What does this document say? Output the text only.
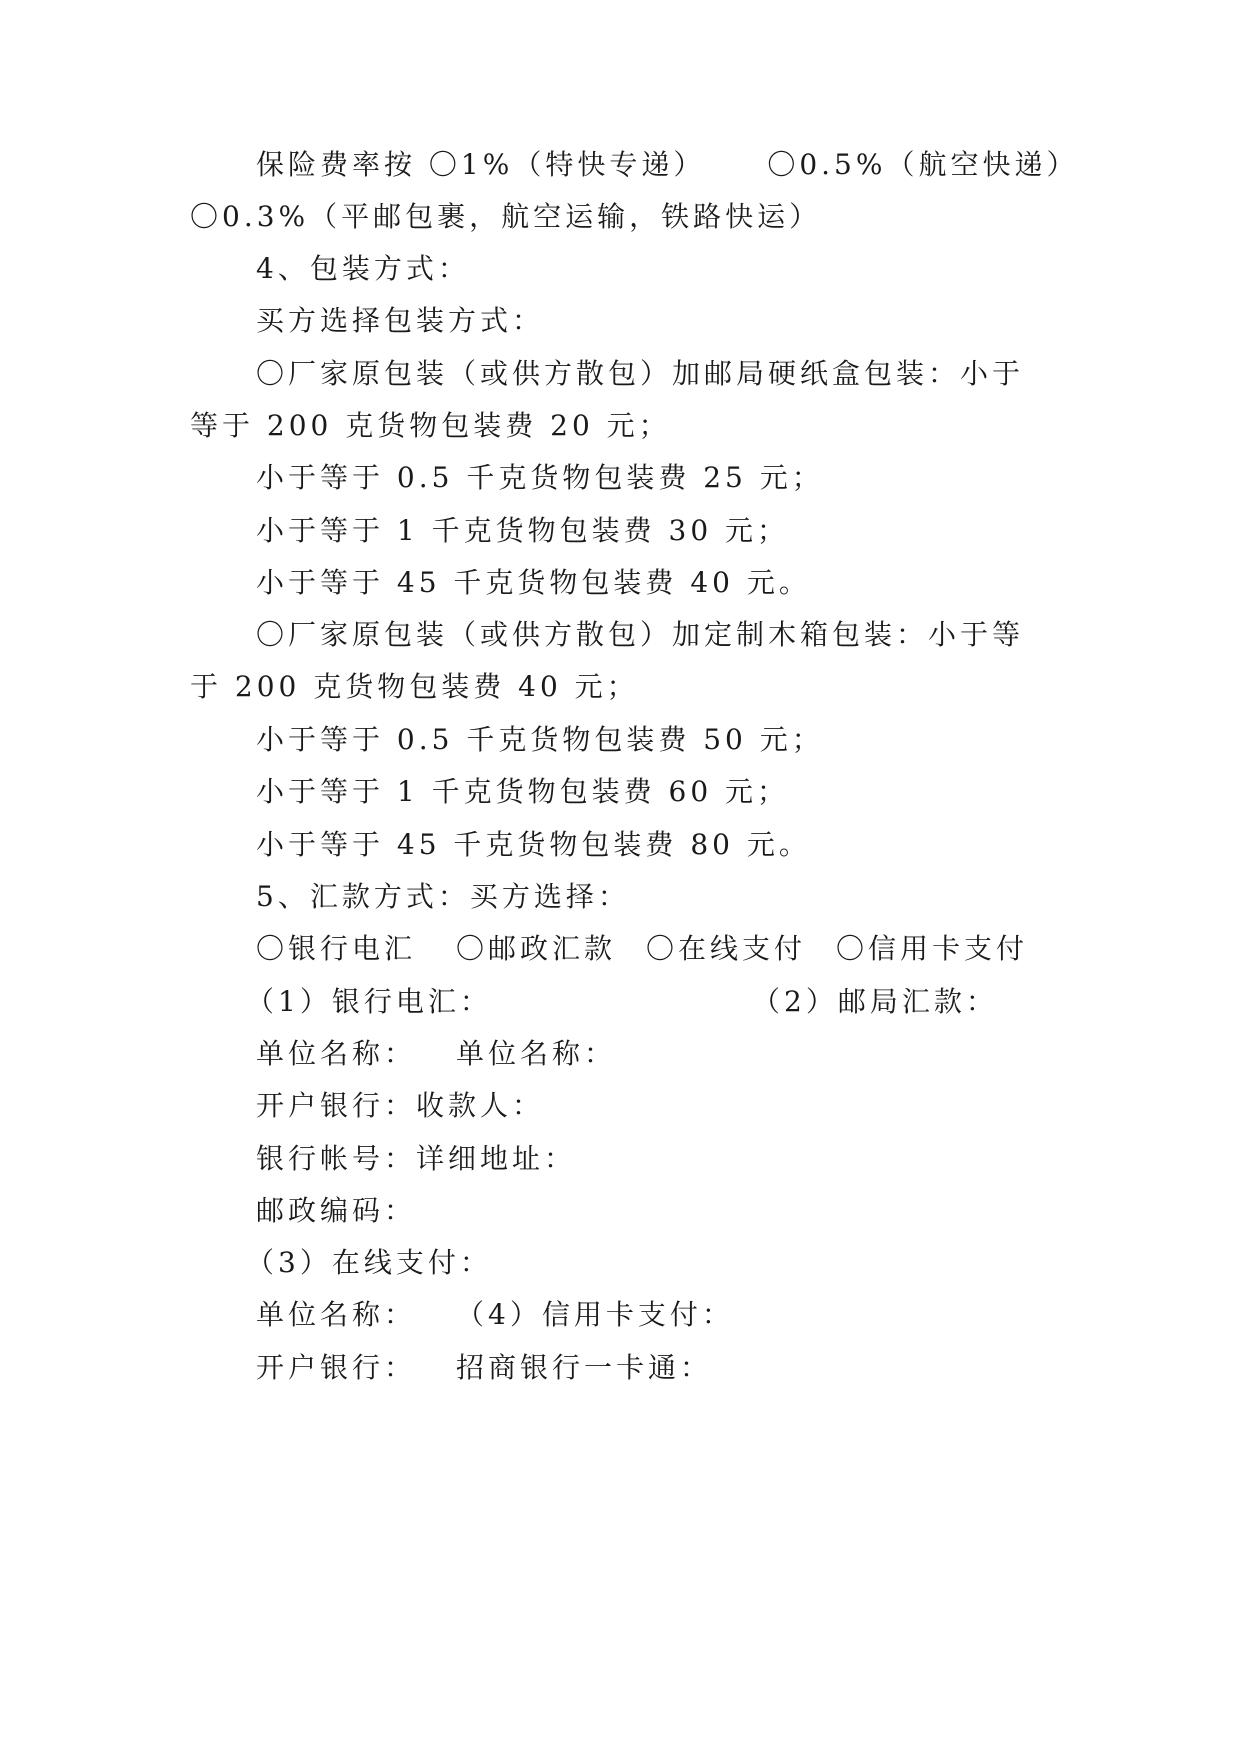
保险费率按 〇1%（特快专递） 〇0.5%（航空快递）
〇0.3%（平邮包裹，航空运输，铁路快运）
4、包装方式：
买方选择包装方式：
〇厂家原包装（或供方散包）加邮局硬纸盒包装：小于
等于 200 克货物包装费 20 元；
小于等于 0.5 千克货物包装费 25 元；
小于等于 1 千克货物包装费 30 元；
小于等于 45 千克货物包装费 40 元。
〇厂家原包装（或供方散包）加定制木箱包装：小于等
于 200 克货物包装费 40 元；
小于等于 0.5 千克货物包装费 50 元；
小于等于 1 千克货物包装费 60 元；
小于等于 45 千克货物包装费 80 元。
5、汇款方式：买方选择：
〇银行电汇 〇邮政汇款 〇在线支付 〇信用卡支付
（1）银行电汇：	（2）邮局汇款：
单位名称： 单位名称：
开户银行：收款人：
银行帐号：详细地址：
邮政编码：
（3）在线支付：
单位名称： （4）信用卡支付：
开户银行： 招商银行一卡通：
